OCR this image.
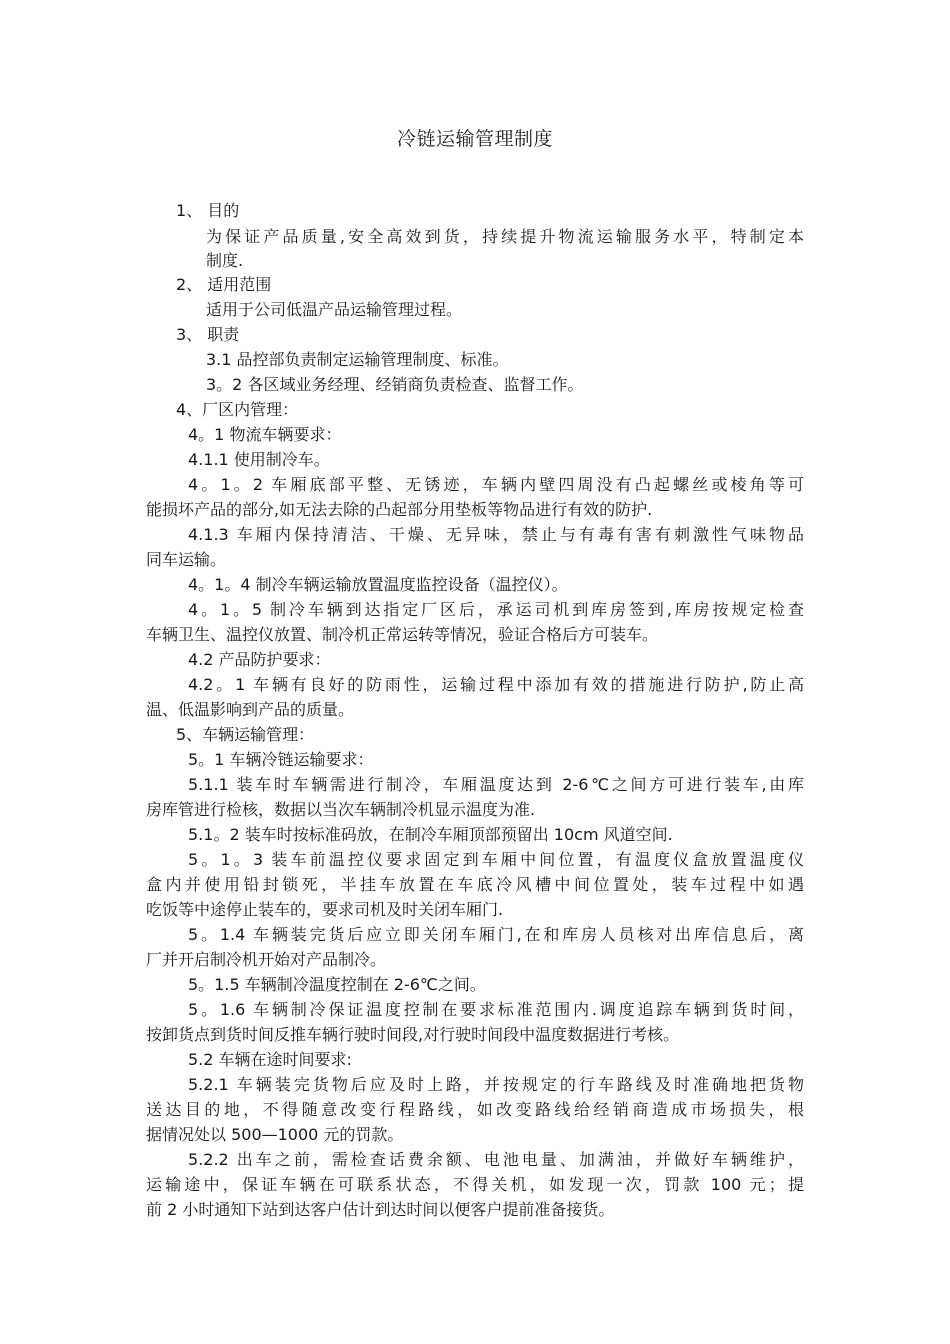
冷链运输管理制度
1、 目的
为保证产品质量,安全高效到货，持续提升物流运输服务水平，特制定本
制度.
2、 适用范围
适用于公司低温产品运输管理过程。
3、 职责
3.1 品控部负责制定运输管理制度、标准。
3。2 各区域业务经理、经销商负责检查、监督工作。
4、厂区内管理：
4。1 物流车辆要求：
4.1.1 使用制冷车。
4。1。2 车厢底部平整、无锈迹，车辆内壁四周没有凸起螺丝或棱角等可
能损坏产品的部分,如无法去除的凸起部分用垫板等物品进行有效的防护.
4.1.3 车厢内保持清洁、干燥、无异味，禁止与有毒有害有刺激性气味物品
同车运输。
4。1。4 制冷车辆运输放置温度监控设备（温控仪）。
4。1。5 制冷车辆到达指定厂区后，承运司机到库房签到,库房按规定检查
车辆卫生、温控仪放置、制冷机正常运转等情况，验证合格后方可装车。
4.2 产品防护要求：
4.2。1 车辆有良好的防雨性，运输过程中添加有效的措施进行防护,防止高
温、低温影响到产品的质量。
5、车辆运输管理：
5。1 车辆冷链运输要求：
5.1.1 装车时车辆需进行制冷，车厢温度达到 2-6℃之间方可进行装车,由库
房库管进行检核，数据以当次车辆制冷机显示温度为准.
5.1。2 装车时按标准码放，在制冷车厢顶部预留出 10cm 风道空间.
5。1。3 装车前温控仪要求固定到车厢中间位置，有温度仪盒放置温度仪
盒内并使用铅封锁死，半挂车放置在车底冷风槽中间位置处，装车过程中如遇
吃饭等中途停止装车的，要求司机及时关闭车厢门.
5。1.4 车辆装完货后应立即关闭车厢门,在和库房人员核对出库信息后，离
厂并开启制冷机开始对产品制冷。
5。1.5 车辆制冷温度控制在 2-6℃之间。
5。1.6 车辆制冷保证温度控制在要求标准范围内.调度追踪车辆到货时间，
按卸货点到货时间反推车辆行驶时间段,对行驶时间段中温度数据进行考核。
5.2 车辆在途时间要求:
5.2.1 车辆装完货物后应及时上路，并按规定的行车路线及时准确地把货物
送达目的地，不得随意改变行程路线，如改变路线给经销商造成市场损失，根
据情况处以 500—1000 元的罚款。
5.2.2 出车之前，需检查话费余额、电池电量、加满油，并做好车辆维护，
运输途中，保证车辆在可联系状态，不得关机，如发现一次，罚款 100 元；提
前 2 小时通知下站到达客户估计到达时间以便客户提前准备接货。
